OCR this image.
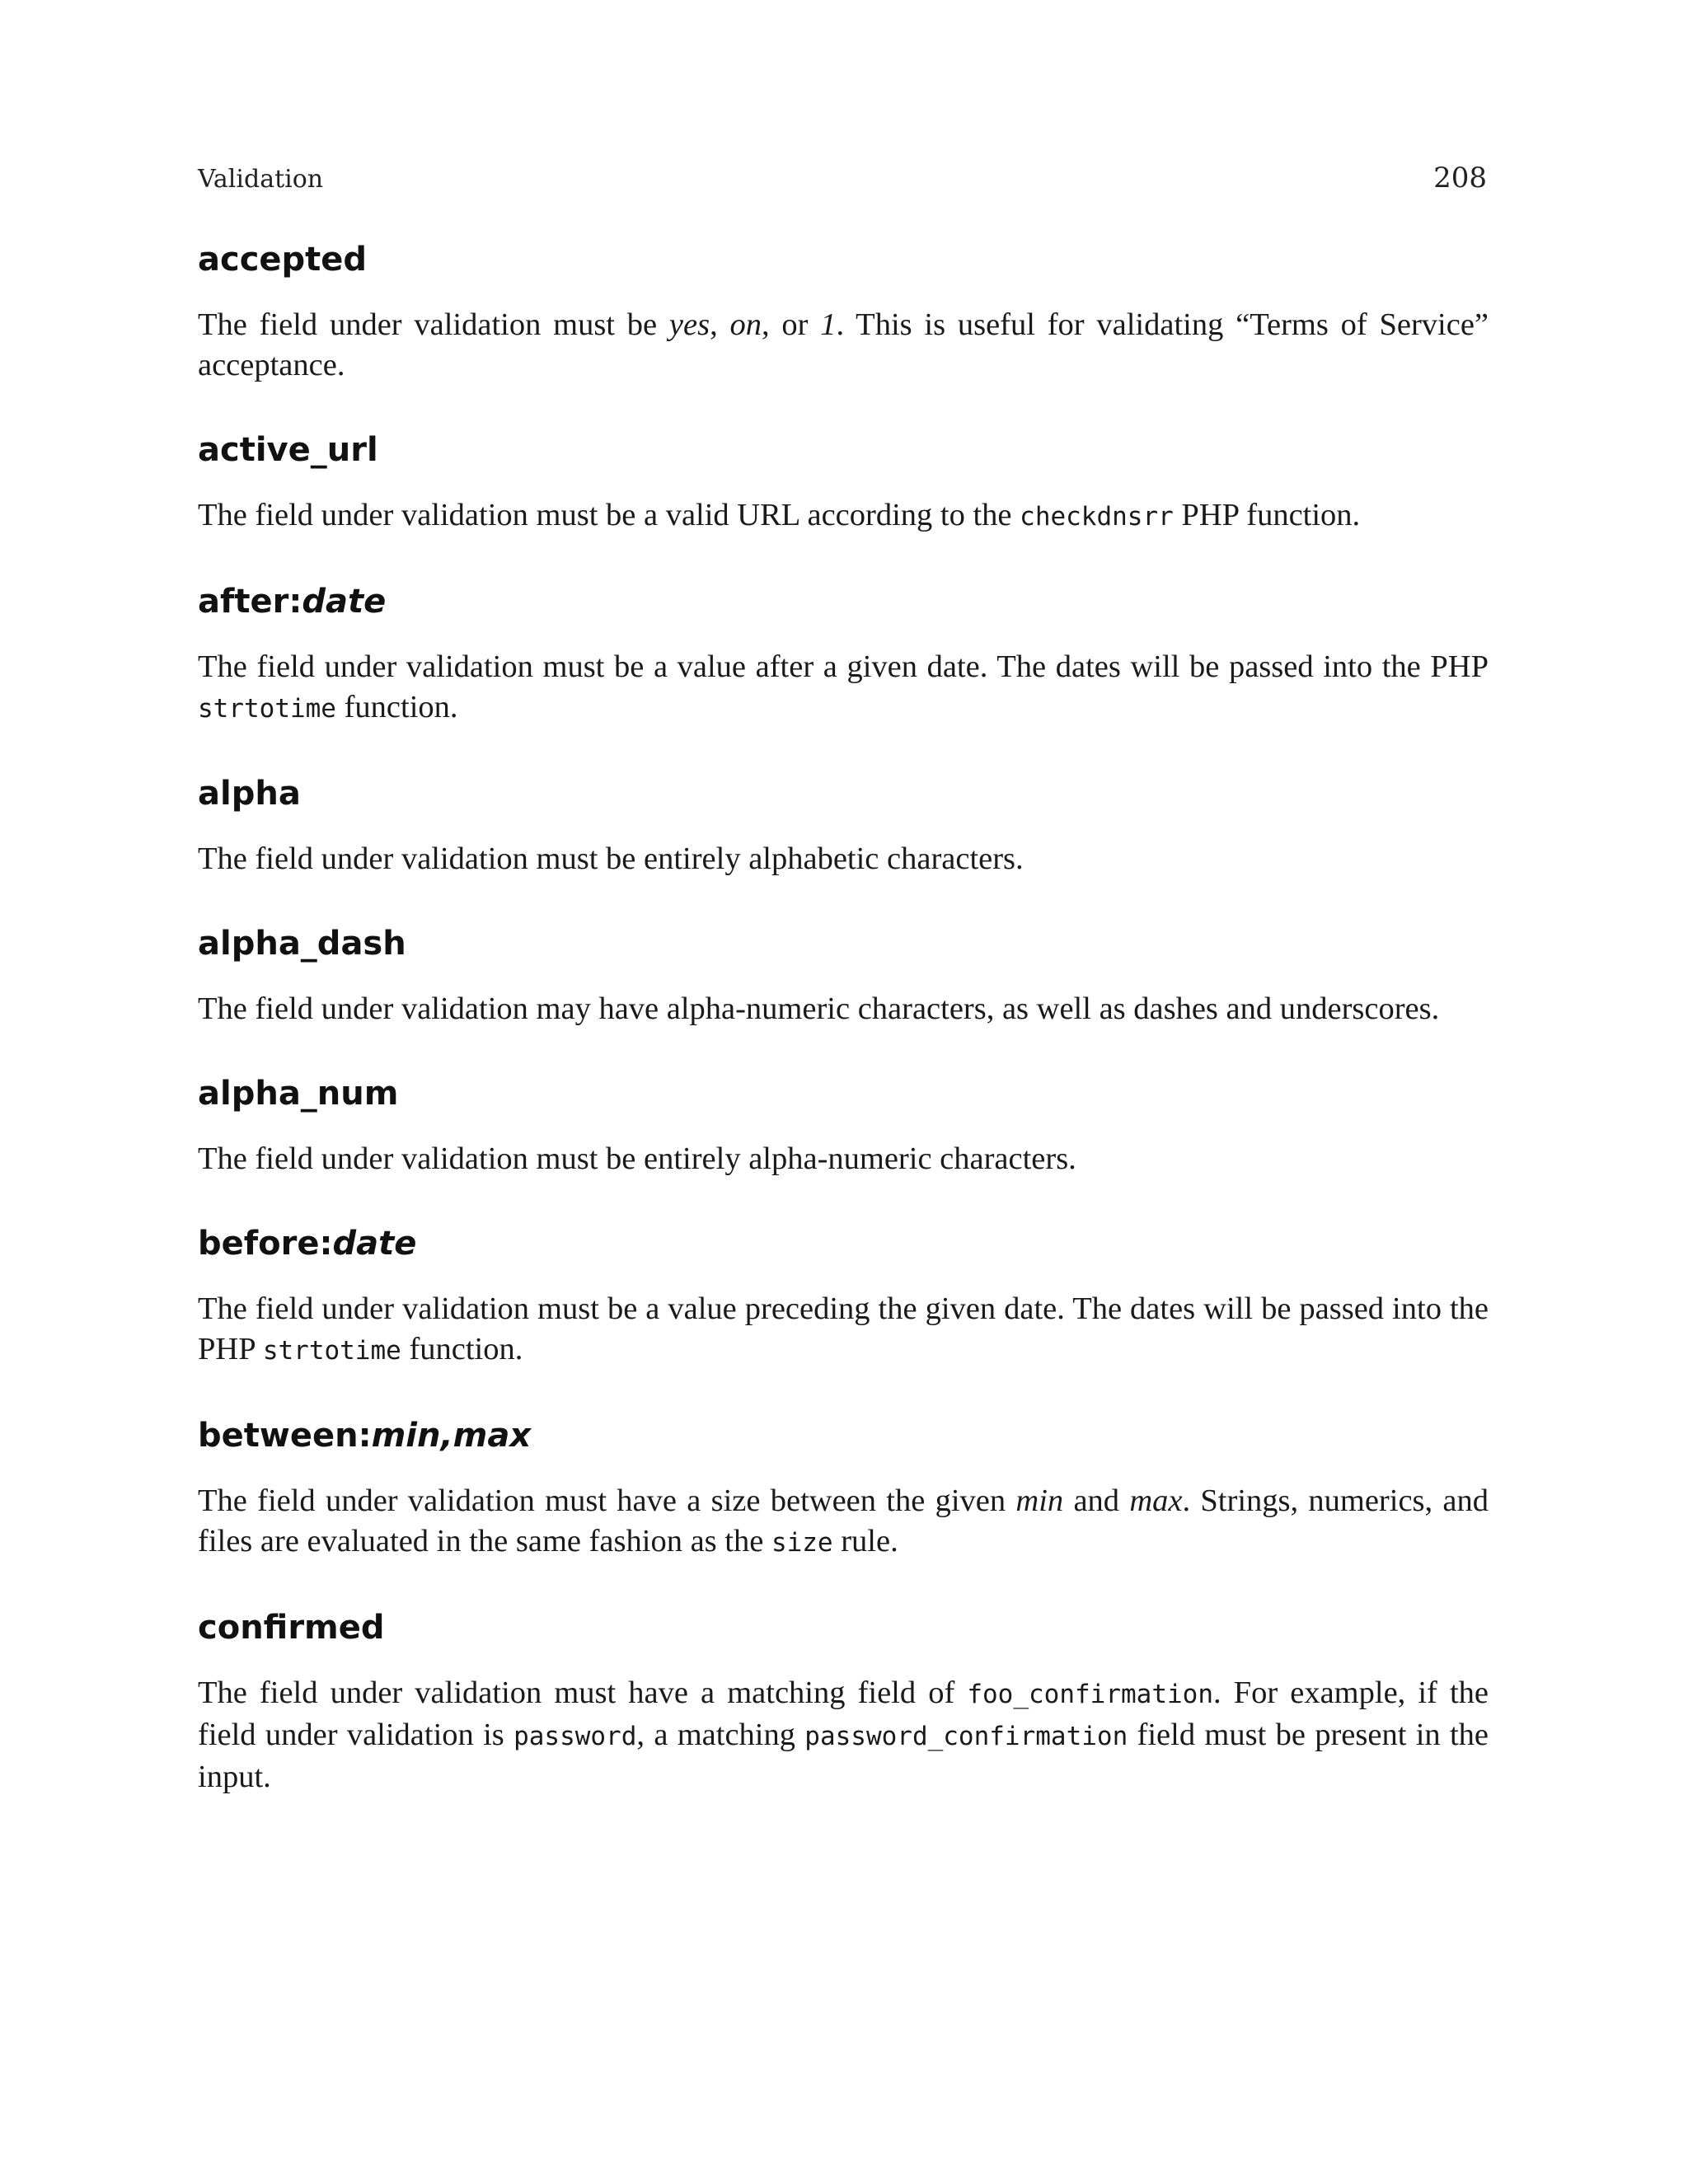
Validation	208
accepted

The field under validation must be yes, on, or 1. This is useful for validating “Terms of Service” acceptance.

active_url

The field under validation must be a valid URL according to the checkdnsrr PHP function.

after:date

The field under validation must be a value after a given date. The dates will be passed into the PHP strtotime function.

alpha

The field under validation must be entirely alphabetic characters.

alpha_dash

The field under validation may have alpha-numeric characters, as well as dashes and underscores.

alpha_num

The field under validation must be entirely alpha-numeric characters.

before:date

The field under validation must be a value preceding the given date. The dates will be passed into the PHP strtotime function.

between:min,max

The field under validation must have a size between the given min and max. Strings, numerics, and files are evaluated in the same fashion as the size rule.

confirmed

The field under validation must have a matching field of foo_confirmation. For example, if the field under validation is password, a matching password_confirmation field must be present in the input.
